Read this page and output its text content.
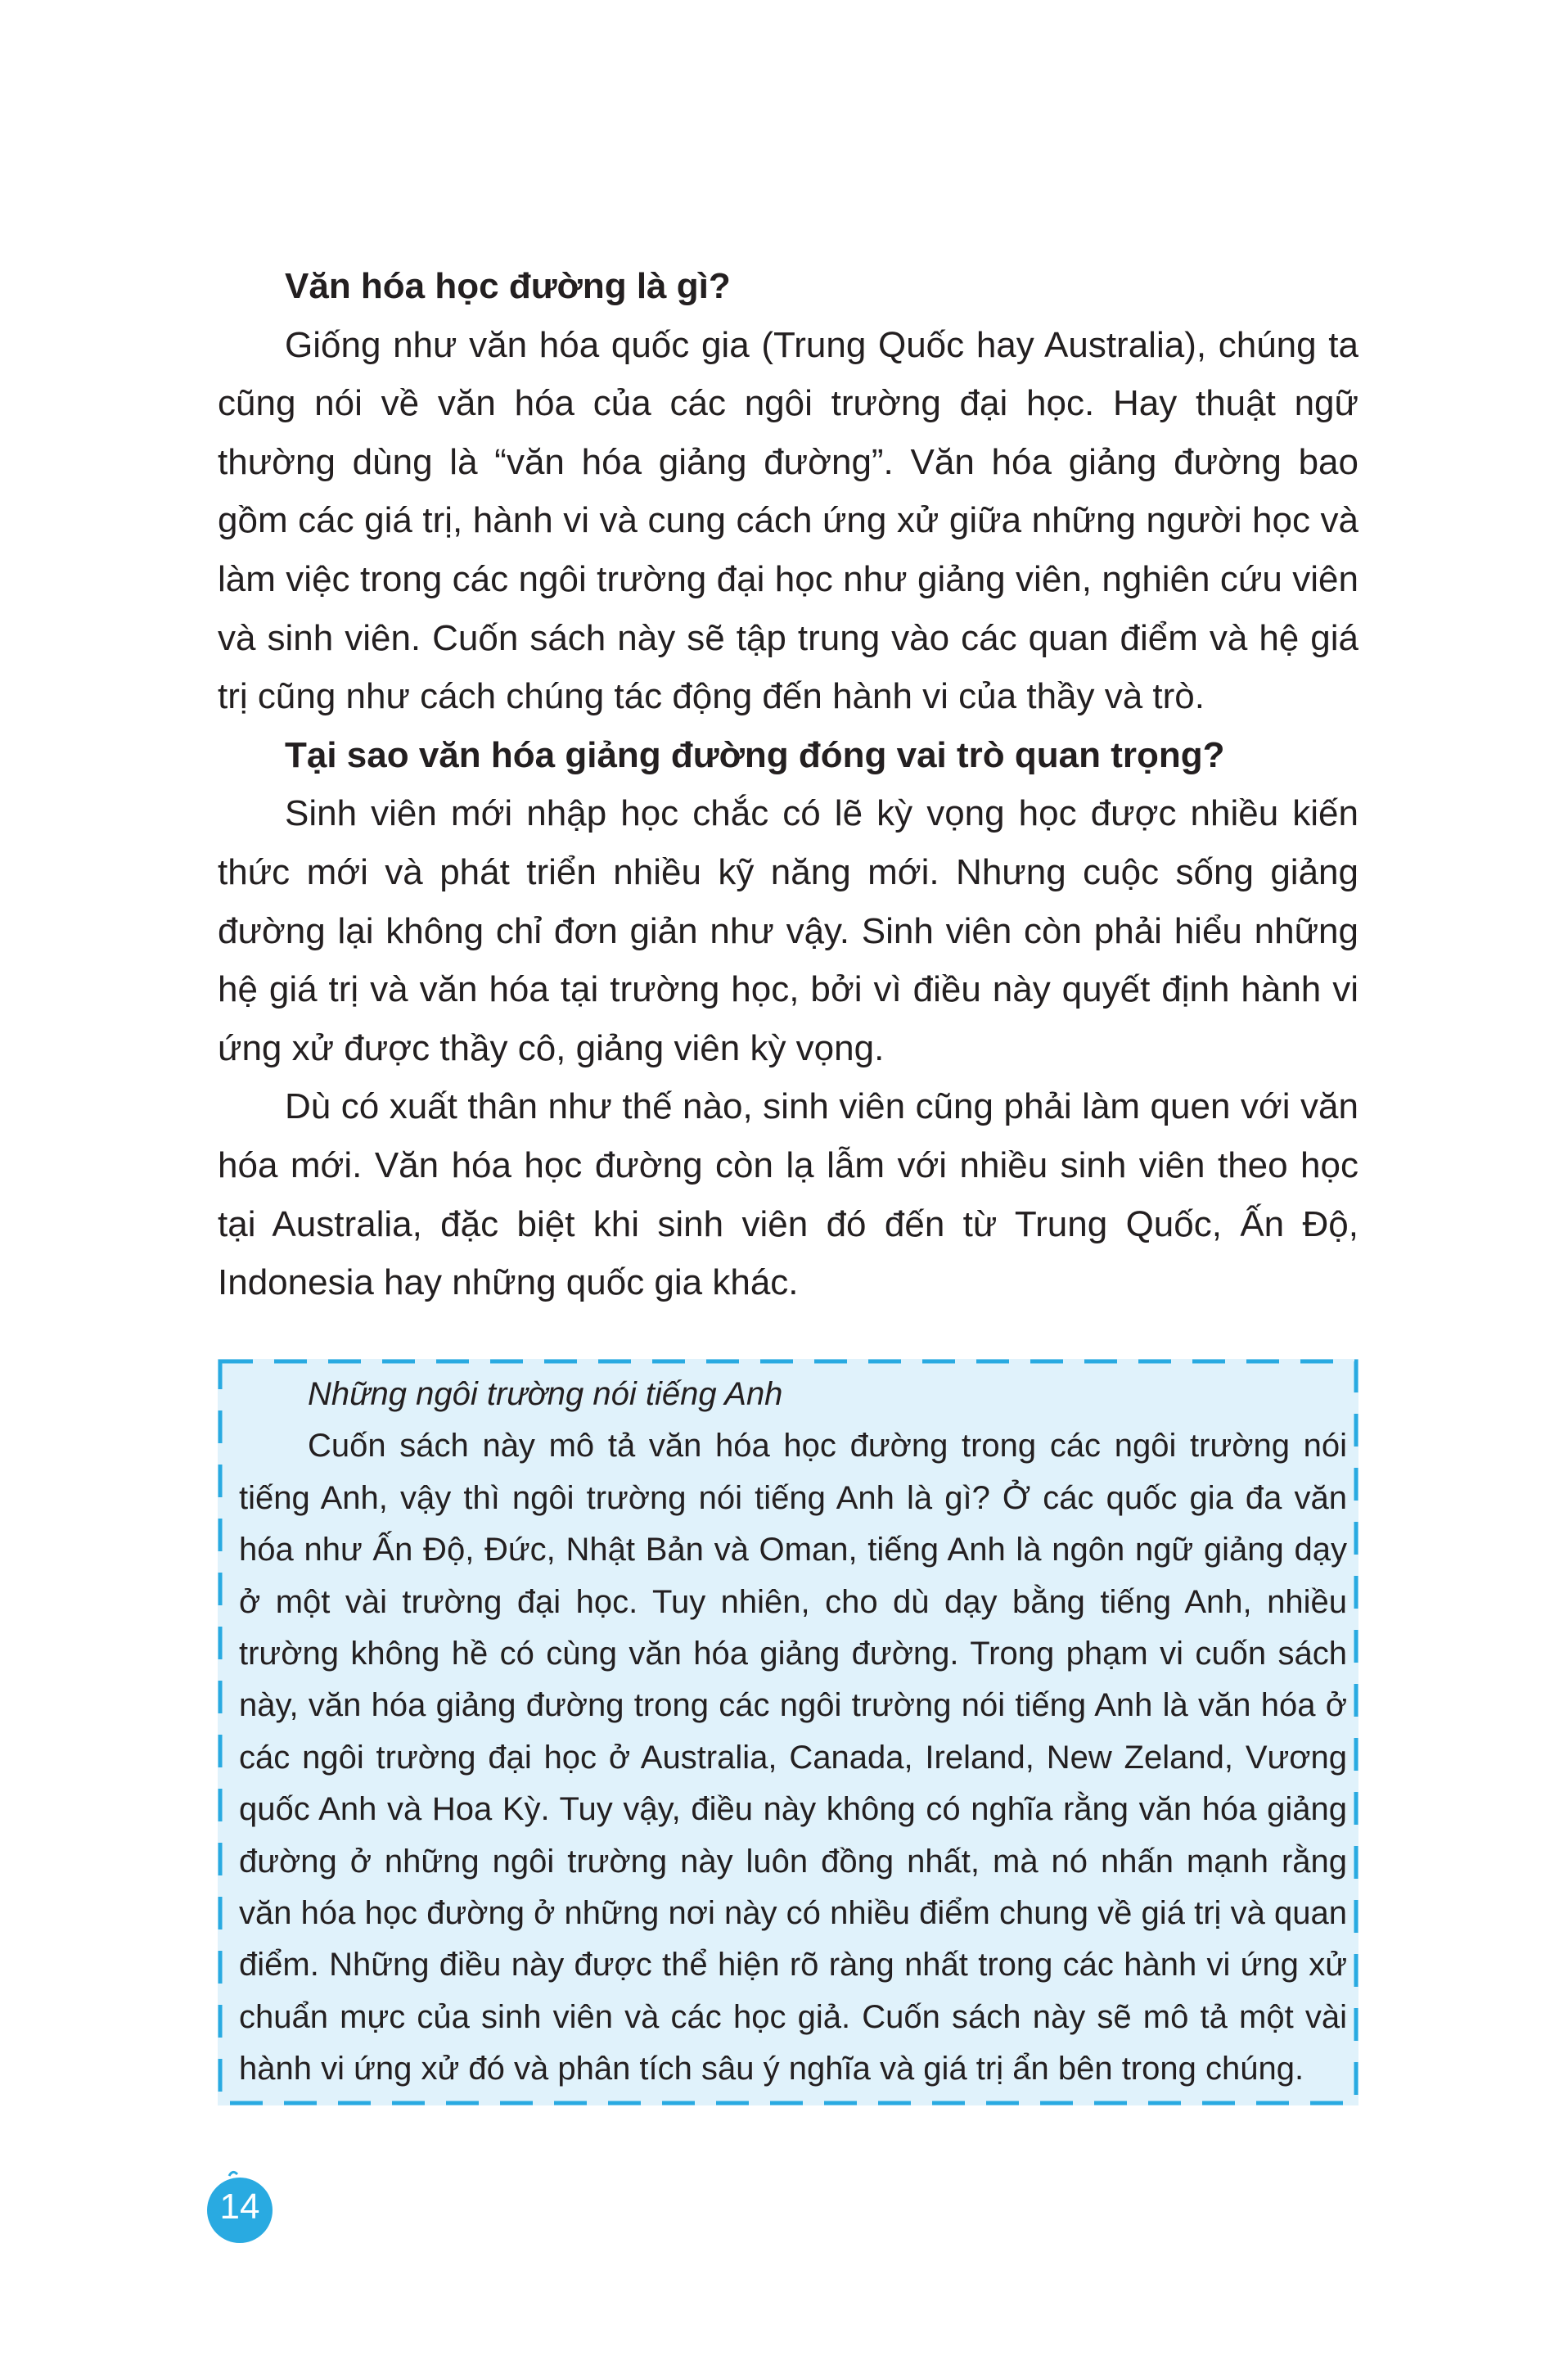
Văn hóa học đường là gì?

Giống như văn hóa quốc gia (Trung Quốc hay Australia), chúng ta cũng nói về văn hóa của các ngôi trường đại học. Hay thuật ngữ thường dùng là “văn hóa giảng đường”. Văn hóa giảng đường bao gồm các giá trị, hành vi và cung cách ứng xử giữa những người học và làm việc trong các ngôi trường đại học như giảng viên, nghiên cứu viên và sinh viên. Cuốn sách này sẽ tập trung vào các quan điểm và hệ giá trị cũng như cách chúng tác động đến hành vi của thầy và trò.

Tại sao văn hóa giảng đường đóng vai trò quan trọng?

Sinh viên mới nhập học chắc có lẽ kỳ vọng học được nhiều kiến thức mới và phát triển nhiều kỹ năng mới. Nhưng cuộc sống giảng đường lại không chỉ đơn giản như vậy. Sinh viên còn phải hiểu những hệ giá trị và văn hóa tại trường học, bởi vì điều này quyết định hành vi ứng xử được thầy cô, giảng viên kỳ vọng.

Dù có xuất thân như thế nào, sinh viên cũng phải làm quen với văn hóa mới. Văn hóa học đường còn lạ lẫm với nhiều sinh viên theo học tại Australia, đặc biệt khi sinh viên đó đến từ Trung Quốc, Ấn Độ, Indonesia hay những quốc gia khác.

Những ngôi trường nói tiếng Anh

Cuốn sách này mô tả văn hóa học đường trong các ngôi trường nói tiếng Anh, vậy thì ngôi trường nói tiếng Anh là gì? Ở các quốc gia đa văn hóa như Ấn Độ, Đức, Nhật Bản và Oman, tiếng Anh là ngôn ngữ giảng dạy ở một vài trường đại học. Tuy nhiên, cho dù dạy bằng tiếng Anh, nhiều trường không hề có cùng văn hóa giảng đường. Trong phạm vi cuốn sách này, văn hóa giảng đường trong các ngôi trường nói tiếng Anh là văn hóa ở các ngôi trường đại học ở Australia, Canada, Ireland, New Zeland, Vương quốc Anh và Hoa Kỳ. Tuy vậy, điều này không có nghĩa rằng văn hóa giảng đường ở những ngôi trường này luôn đồng nhất, mà nó nhấn mạnh rằng văn hóa học đường ở những nơi này có nhiều điểm chung về giá trị và quan điểm. Những điều này được thể hiện rõ ràng nhất trong các hành vi ứng xử chuẩn mực của sinh viên và các học giả. Cuốn sách này sẽ mô tả một vài hành vi ứng xử đó và phân tích sâu ý nghĩa và giá trị ẩn bên trong chúng.

14
